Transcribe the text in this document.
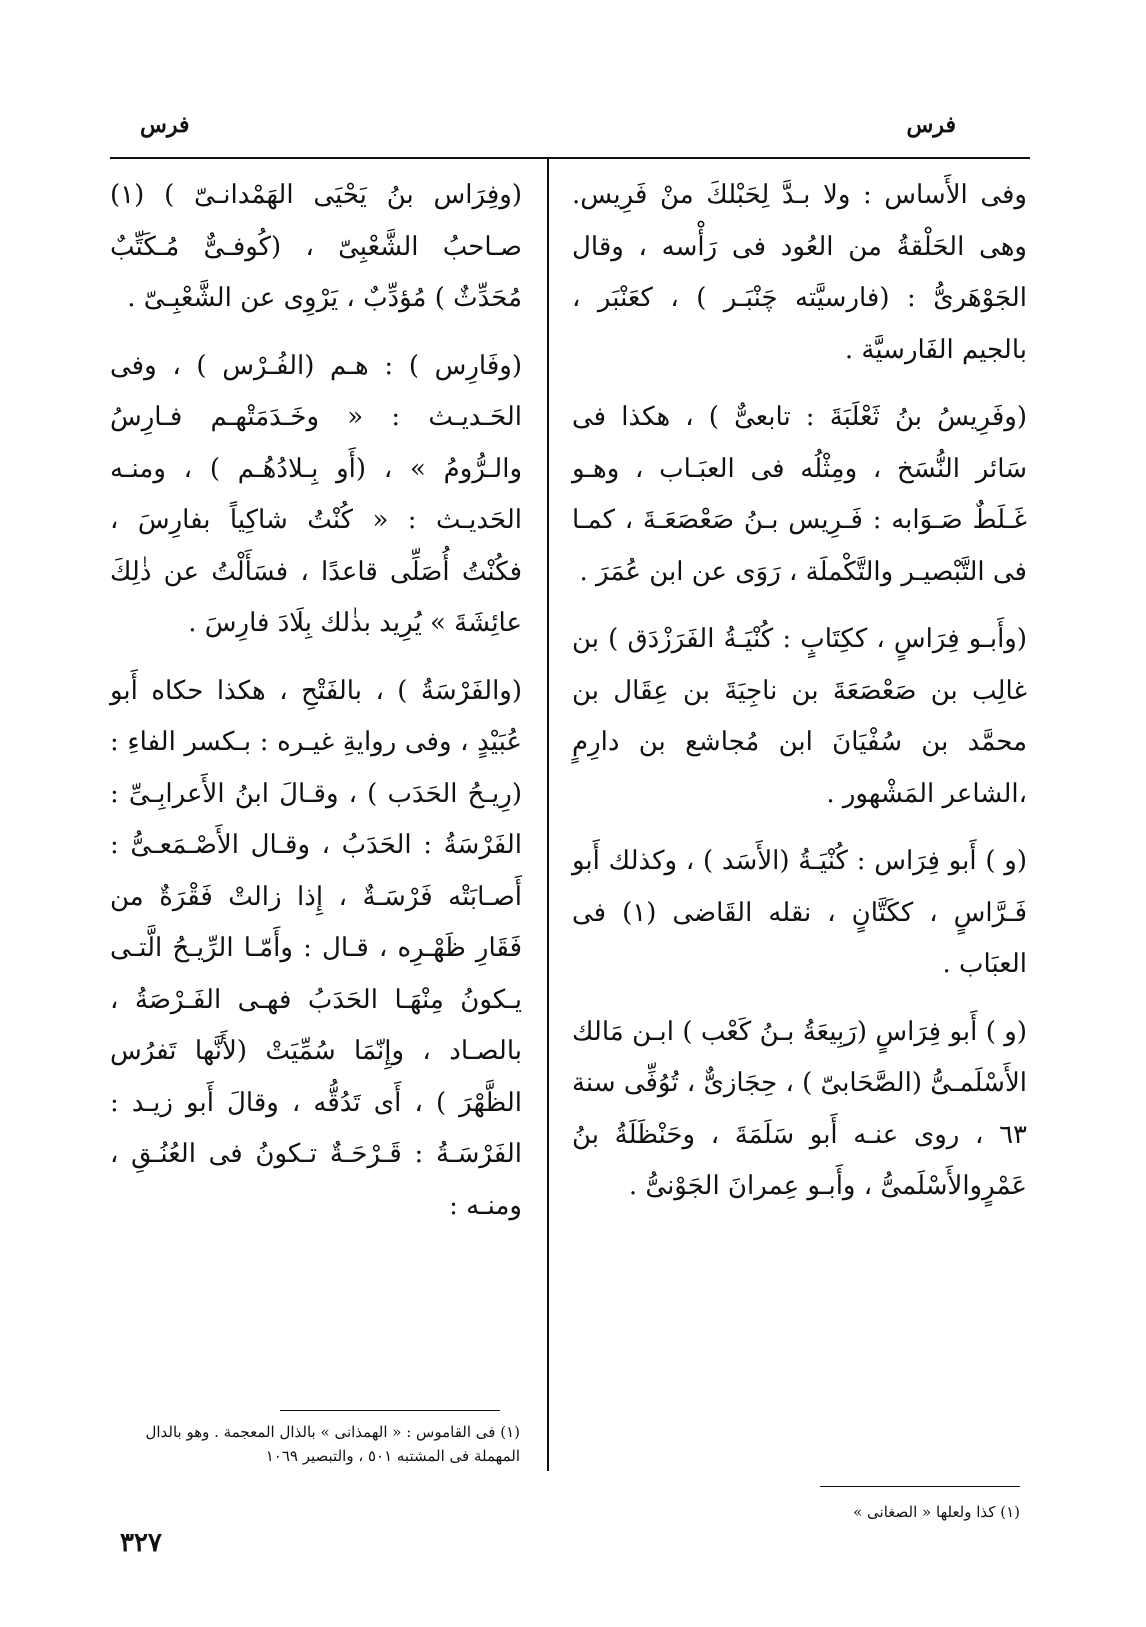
فرس
فرس

وفى الأَساس : ولا بـدَّ لِحَبْلكَ منْ فَرِيس. وهى الحَلْقةُ من العُود فى رَأْسه ، وقال الجَوْهَرىُّ : (فارسيَّته چَنْبَـر ) ، كعَنْبَر ، بالجيم الفَارسيَّة .

(وفَرِيسُ بنُ ثَعْلَبَةَ : تابعىٌّ ) ، هكذا فى سَائر النُّسَخ ، ومِثْلُه فى العبَـاب ، وهـو غَـلَطٌ صَـوَابه : فَـرِيس بـنُ صَعْصَعَـةَ ، كمـا فى التَّبْصيـر والتَّكْملَة ، رَوَى عن ابن عُمَرَ .

(وأَبـو فِرَاسٍ ، ككِتَابٍ : كُنْيَـةُ الفَرَزْدَق ) بن غالِب بن صَعْصَعَةَ بن ناجِيَةَ بن عِقَال بن محمَّد بن سُفْيَانَ ابن مُجاشع بن دارِمٍ ،الشاعر المَشْهور .

(و ) أَبو فِرَاس : كُنْيَـةُ (الأَسَد ) ، وكذلك أَبو فَـرَّاسٍ ، ككَتَّانٍ ، نقله القَاضى (١) فى العبَاب .

(و ) أَبو فِرَاسٍ (رَبِيعَةُ بـنُ كَعْب ) ابـن مَالك الأَسْلَمـىُّ (الصَّحَابىّ ) ، حِجَازىٌّ ، تُوُفِّى سنة ٦٣ ، روى عنـه أَبو سَلَمَةَ ، وحَنْظَلَةُ بنُ عَمْرٍوالأَسْلَمىُّ ، وأَبـو عِمرانَ الجَوْنىُّ .

(وفِرَاس بنُ يَحْيَى الهَمْدانـىّ ) (١) صـاحبُ الشَّعْبِىّ ، (كُوفـىٌّ مُـكَتِّبٌ مُحَدِّثٌ ) مُؤدِّبٌ ، يَرْوِى عن الشَّعْبِـىّ .

(وفَارِس ) : هـم (الفُـرْس ) ، وفى الحَـديـث : « وخَـدَمَتْهـم فـارِسُ والـرُّومُ » ، (أَو بِـلادُهُـم ) ، ومنـه الحَديـث : « كُنْتُ شاكِياً بفارِسَ ، فكُنْتُ أُصَلِّى قاعدًا ، فسَأَلْتُ عن ذٰلِكَ عائِشَةَ » يُرِيد بذٰلك بِلَادَ فارِسَ .

(والفَرْسَةُ ) ، بالفَتْحِ ، هكذا حكاه أَبو عُبَيْدٍ ، وفى روايةِ غيـره : بـكسر الفاءِ : (رِيـحُ الحَدَب ) ، وقـالَ ابنُ الأَعرابِـىِّ : الفَرْسَةُ : الحَدَبُ ، وقـال الأَصْـمَعـىُّ : أَصـابَتْه فَرْسَـةٌ ، إِذا زالتْ فَقْرَةٌ من فَقَارِ ظَهْـرِه ، قـال : وأَمّـا الرِّيـحُ الَّتـى يـكونُ مِنْهَـا الحَدَبُ فهـى الفَـرْصَةُ ، بالصـاد ، وإِنّمَا سُمِّيَتْ (لأَنَّها تَفرُس الظَّهْرَ ) ، أَى تَدُقُّه ، وقالَ أَبو زيـد : الفَرْسَـةُ : قَـرْحَـةٌ تـكونُ فى العُنُـقِ ، ومنـه :

(١) كذا ولعلها « الصغانى »
(١) فى القاموس : « الهمذانى » بالذال المعجمة . وهو بالدال المهملة فى المشتبه ٥٠١ ، والتبصير ١٠٦٩
٣٢٧
